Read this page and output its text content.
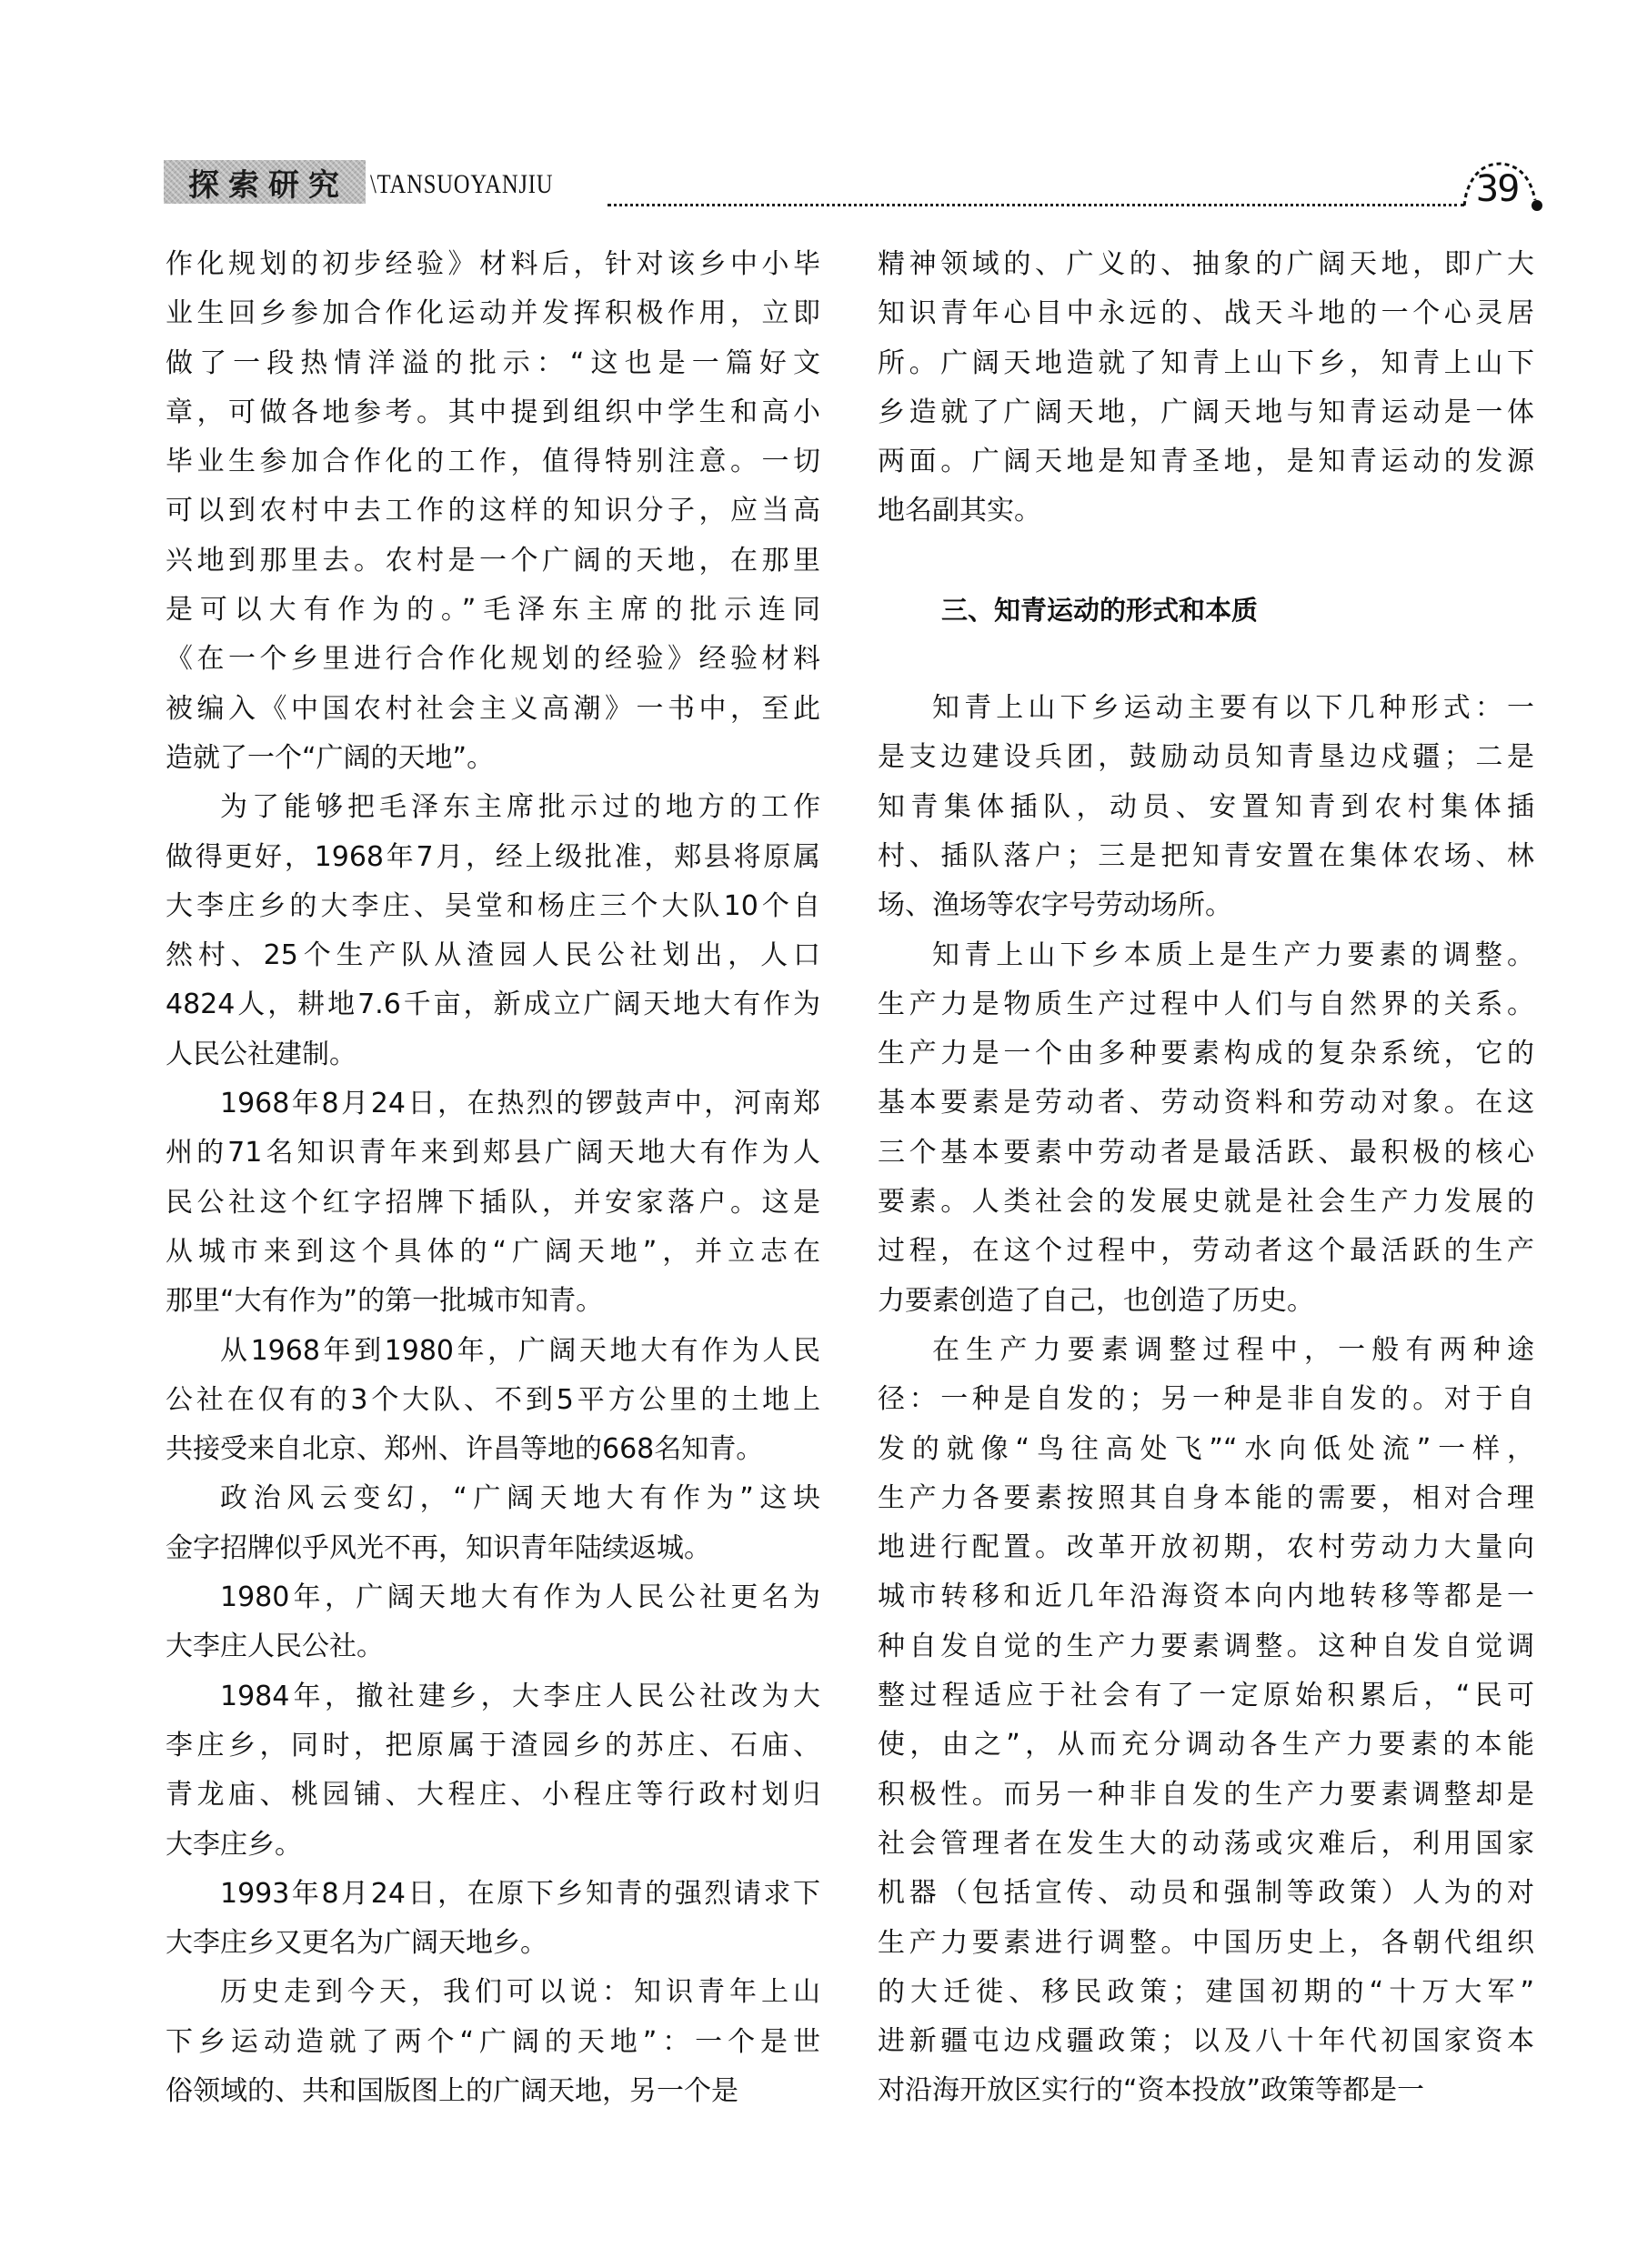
探索研究 \TANSUOYANJIU	39

作化规划的初步经验》材料后，针对该乡中小毕
业生回乡参加合作化运动并发挥积极作用，立即
做了一段热情洋溢的批示：“这也是一篇好文
章，可做各地参考。其中提到组织中学生和高小
毕业生参加合作化的工作，值得特别注意。一切
可以到农村中去工作的这样的知识分子，应当高
兴地到那里去。农村是一个广阔的天地，在那里
是可以大有作为的。”毛泽东主席的批示连同
《在一个乡里进行合作化规划的经验》经验材料
被编入《中国农村社会主义高潮》一书中，至此
造就了一个“广阔的天地”。

为了能够把毛泽东主席批示过的地方的工作
做得更好，1968年7月，经上级批准，郏县将原属
大李庄乡的大李庄、吴堂和杨庄三个大队10个自
然村、25个生产队从渣园人民公社划出，人口
4824人，耕地7.6千亩，新成立广阔天地大有作为
人民公社建制。

1968年8月24日，在热烈的锣鼓声中，河南郑
州的71名知识青年来到郏县广阔天地大有作为人
民公社这个红字招牌下插队，并安家落户。这是
从城市来到这个具体的“广阔天地”，并立志在
那里“大有作为”的第一批城市知青。

从1968年到1980年，广阔天地大有作为人民
公社在仅有的3个大队、不到5平方公里的土地上
共接受来自北京、郑州、许昌等地的668名知青。

政治风云变幻，“广阔天地大有作为”这块
金字招牌似乎风光不再，知识青年陆续返城。

1980年，广阔天地大有作为人民公社更名为
大李庄人民公社。

1984年，撤社建乡，大李庄人民公社改为大
李庄乡，同时，把原属于渣园乡的苏庄、石庙、
青龙庙、桃园铺、大程庄、小程庄等行政村划归
大李庄乡。

1993年8月24日，在原下乡知青的强烈请求下
大李庄乡又更名为广阔天地乡。

历史走到今天，我们可以说：知识青年上山
下乡运动造就了两个“广阔的天地”：一个是世
俗领域的、共和国版图上的广阔天地，另一个是

精神领域的、广义的、抽象的广阔天地，即广大
知识青年心目中永远的、战天斗地的一个心灵居
所。广阔天地造就了知青上山下乡，知青上山下
乡造就了广阔天地，广阔天地与知青运动是一体
两面。广阔天地是知青圣地，是知青运动的发源
地名副其实。

三、知青运动的形式和本质

知青上山下乡运动主要有以下几种形式：一
是支边建设兵团，鼓励动员知青垦边戍疆；二是
知青集体插队，动员、安置知青到农村集体插
村、插队落户；三是把知青安置在集体农场、林
场、渔场等农字号劳动场所。

知青上山下乡本质上是生产力要素的调整。
生产力是物质生产过程中人们与自然界的关系。
生产力是一个由多种要素构成的复杂系统，它的
基本要素是劳动者、劳动资料和劳动对象。在这
三个基本要素中劳动者是最活跃、最积极的核心
要素。人类社会的发展史就是社会生产力发展的
过程，在这个过程中，劳动者这个最活跃的生产
力要素创造了自己，也创造了历史。

在生产力要素调整过程中，一般有两种途
径：一种是自发的；另一种是非自发的。对于自
发的就像“鸟往高处飞”“水向低处流”一样，
生产力各要素按照其自身本能的需要，相对合理
地进行配置。改革开放初期，农村劳动力大量向
城市转移和近几年沿海资本向内地转移等都是一
种自发自觉的生产力要素调整。这种自发自觉调
整过程适应于社会有了一定原始积累后，“民可
使，由之”，从而充分调动各生产力要素的本能
积极性。而另一种非自发的生产力要素调整却是
社会管理者在发生大的动荡或灾难后，利用国家
机器（包括宣传、动员和强制等政策）人为的对
生产力要素进行调整。中国历史上，各朝代组织
的大迁徙、移民政策；建国初期的“十万大军”
进新疆屯边戍疆政策；以及八十年代初国家资本
对沿海开放区实行的“资本投放”政策等都是一
